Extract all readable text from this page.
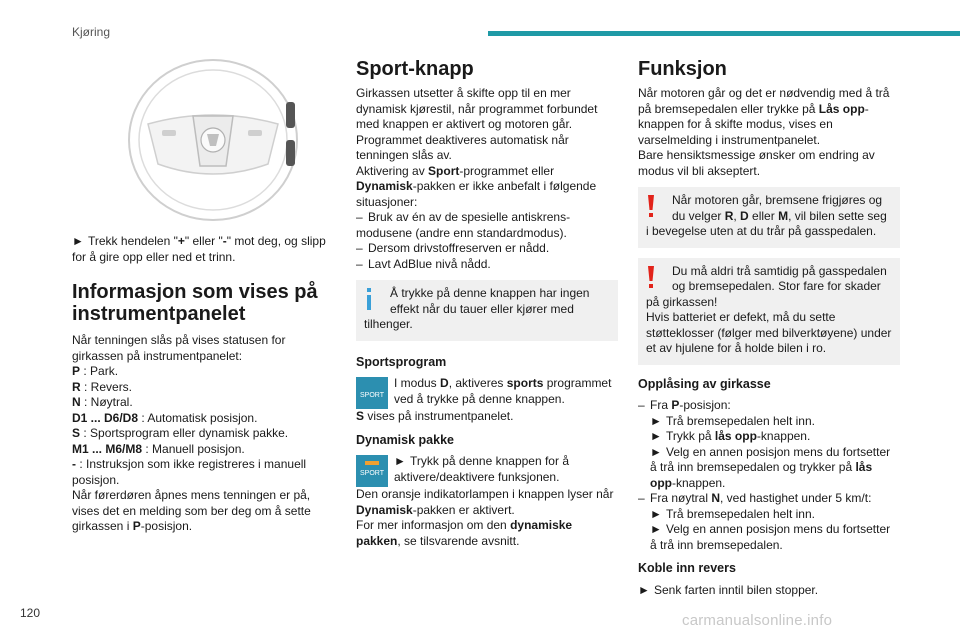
Kjøring

► Trekk hendelen "+" eller "-" mot deg, og slipp for å gire opp eller ned et trinn.

Informasjon som vises på instrumentpanelet

Når tenningen slås på vises statusen for girkassen på instrumentpanelet:

P : Park.

R : Revers.

N : Nøytral.

D1 ... D6/D8 : Automatisk posisjon.

S : Sportsprogram eller dynamisk pakke.

M1 ... M6/M8 : Manuell posisjon.

- : Instruksjon som ikke registreres i manuell posisjon.

Når førerdøren åpnes mens tenningen er på, vises det en melding som ber deg om å sette girkassen i P-posisjon.

Sport-knapp

Girkassen utsetter å skifte opp til en mer dynamisk kjørestil, når programmet forbundet med knappen er aktivert og motoren går. Programmet deaktiveres automatisk når tenningen slås av.

Aktivering av Sport-programmet eller Dynamisk-pakken er ikke anbefalt i følgende situasjoner:

– Bruk av én av de spesielle antiskrens-modusene (andre enn standardmodus).

– Dersom drivstoffreserven er nådd.

– Lavt AdBlue nivå nådd.

Å trykke på denne knappen har ingen
effekt når du tauer eller kjører med
tilhenger.
Sportsprogram
SPORT

I modus D, aktiveres sports programmet ved å trykke på denne knappen.

S vises på instrumentpanelet.

Dynamisk pakke
SPORT

► Trykk på denne knappen for å aktivere/deaktivere funksjonen.

Den oransje indikatorlampen i knappen lyser når Dynamisk-pakken er aktivert.

For mer informasjon om den dynamiske pakken, se tilsvarende avsnitt.

Funksjon

Når motoren går og det er nødvendig med å trå på bremsepedalen eller trykke på Lås opp-knappen for å skifte modus, vises en varselmelding i instrumentpanelet.

Bare hensiktsmessige ønsker om endring av modus vil bli akseptert.

Når motoren går, bremsene frigjøres og
du velger R, D eller M, vil bilen sette seg
i bevegelse uten at du trår på gasspedalen.
Du må aldri trå samtidig på gasspedalen
og bremsepedalen. Stor fare for skader
på girkassen!
Hvis batteriet er defekt, må du sette støtteklosser (følger med bilverktøyene) under et av hjulene for å holde bilen i ro.
Opplåsing av girkasse

– Fra P-posisjon:

► Trå bremsepedalen helt inn.

► Trykk på lås opp-knappen.

► Velg en annen posisjon mens du fortsetter å trå inn bremsepedalen og trykker på lås opp-knappen.

– Fra nøytral N, ved hastighet under 5 km/t:

► Trå bremsepedalen helt inn.

► Velg en annen posisjon mens du fortsetter å trå inn bremsepedalen.

Koble inn revers

► Senk farten inntil bilen stopper.

120	carmanualsonline.info
